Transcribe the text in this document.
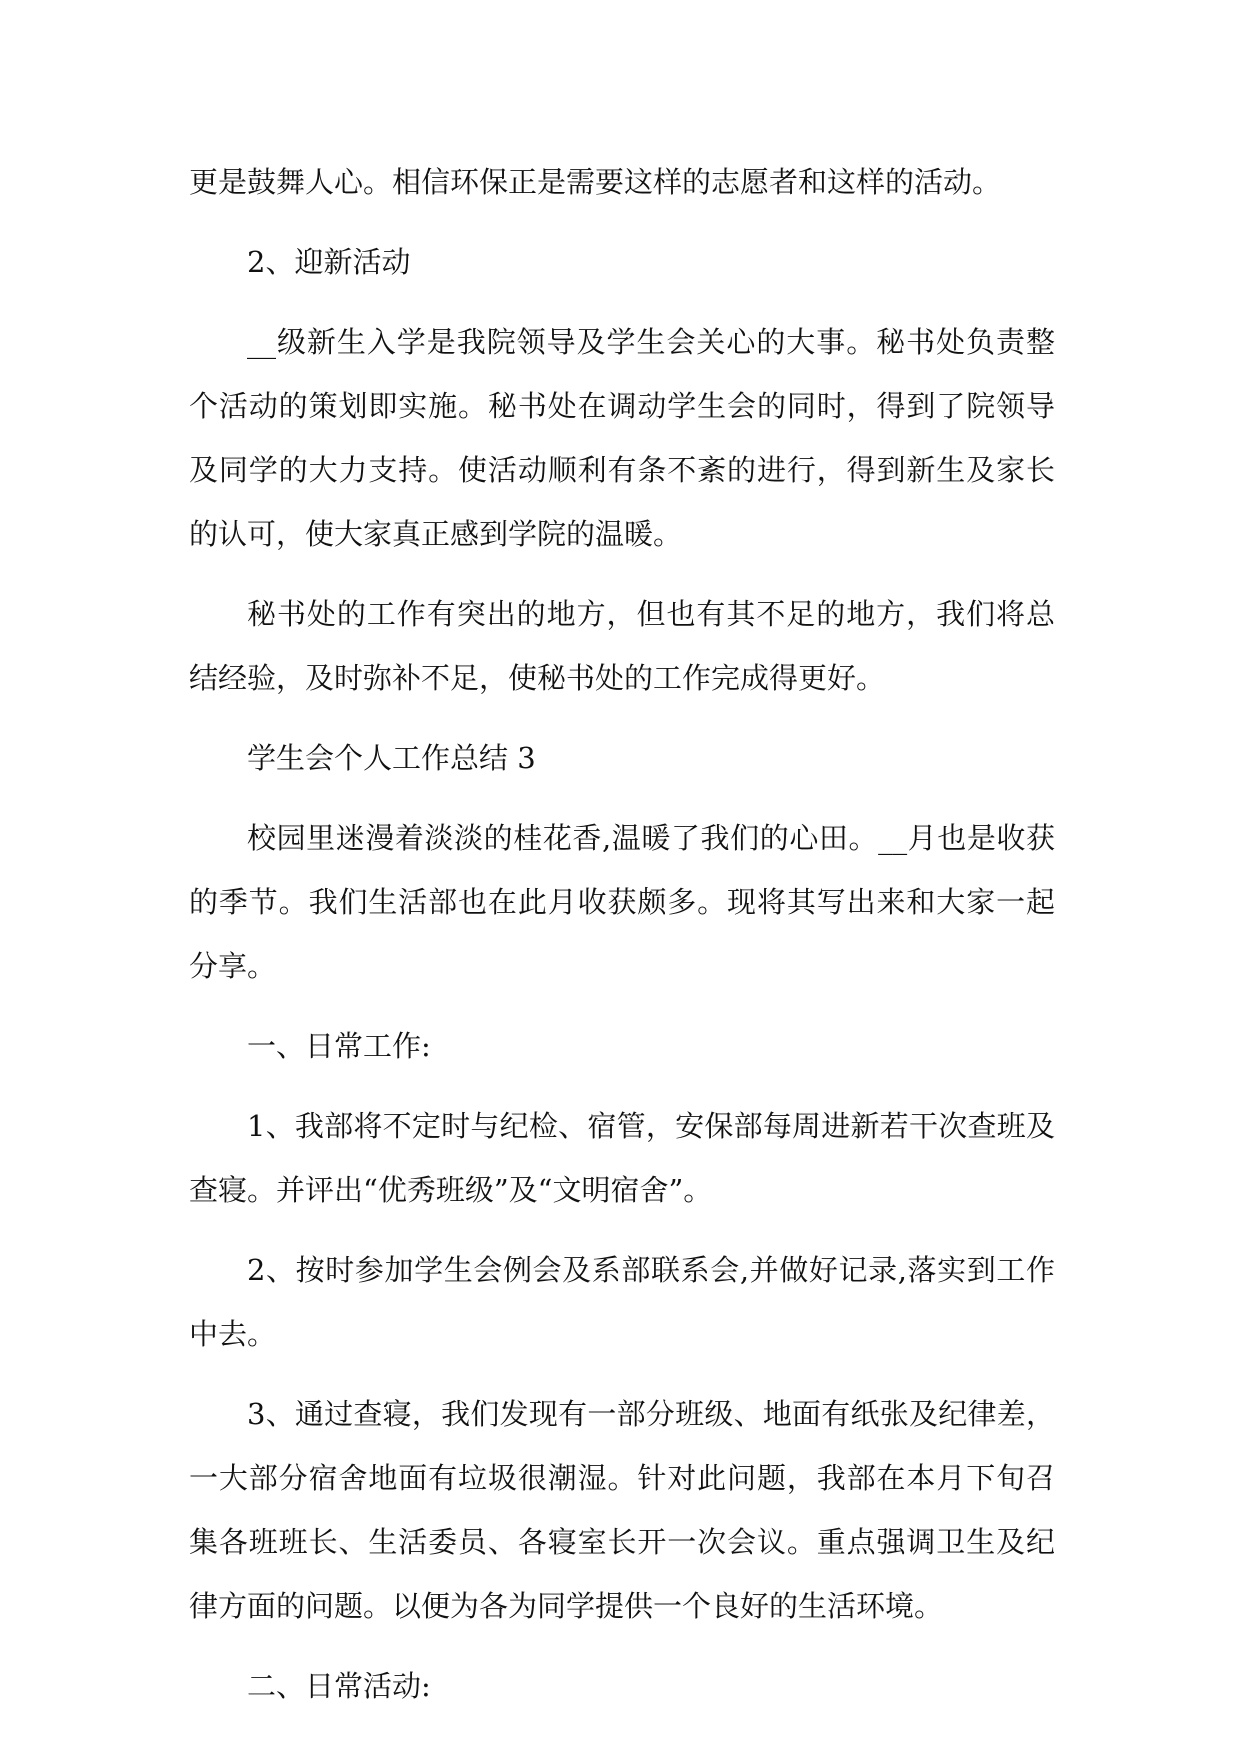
更是鼓舞人心。相信环保正是需要这样的志愿者和这样的活动。

2、迎新活动

__级新生入学是我院领导及学生会关心的大事。秘书处负责整个活动的策划即实施。秘书处在调动学生会的同时，得到了院领导及同学的大力支持。使活动顺利有条不紊的进行，得到新生及家长的认可，使大家真正感到学院的温暖。

秘书处的工作有突出的地方，但也有其不足的地方，我们将总结经验，及时弥补不足，使秘书处的工作完成得更好。

学生会个人工作总结 3

校园里迷漫着淡淡的桂花香,温暖了我们的心田。__月也是收获的季节。我们生活部也在此月收获颇多。现将其写出来和大家一起分享。

一、日常工作:

1、我部将不定时与纪检、宿管，安保部每周进新若干次查班及查寝。并评出“优秀班级”及“文明宿舍”。

2、按时参加学生会例会及系部联系会,并做好记录,落实到工作中去。

3、通过查寝，我们发现有一部分班级、地面有纸张及纪律差，一大部分宿舍地面有垃圾很潮湿。针对此问题，我部在本月下旬召集各班班长、生活委员、各寝室长开一次会议。重点强调卫生及纪律方面的问题。以便为各为同学提供一个良好的生活环境。

二、日常活动:
